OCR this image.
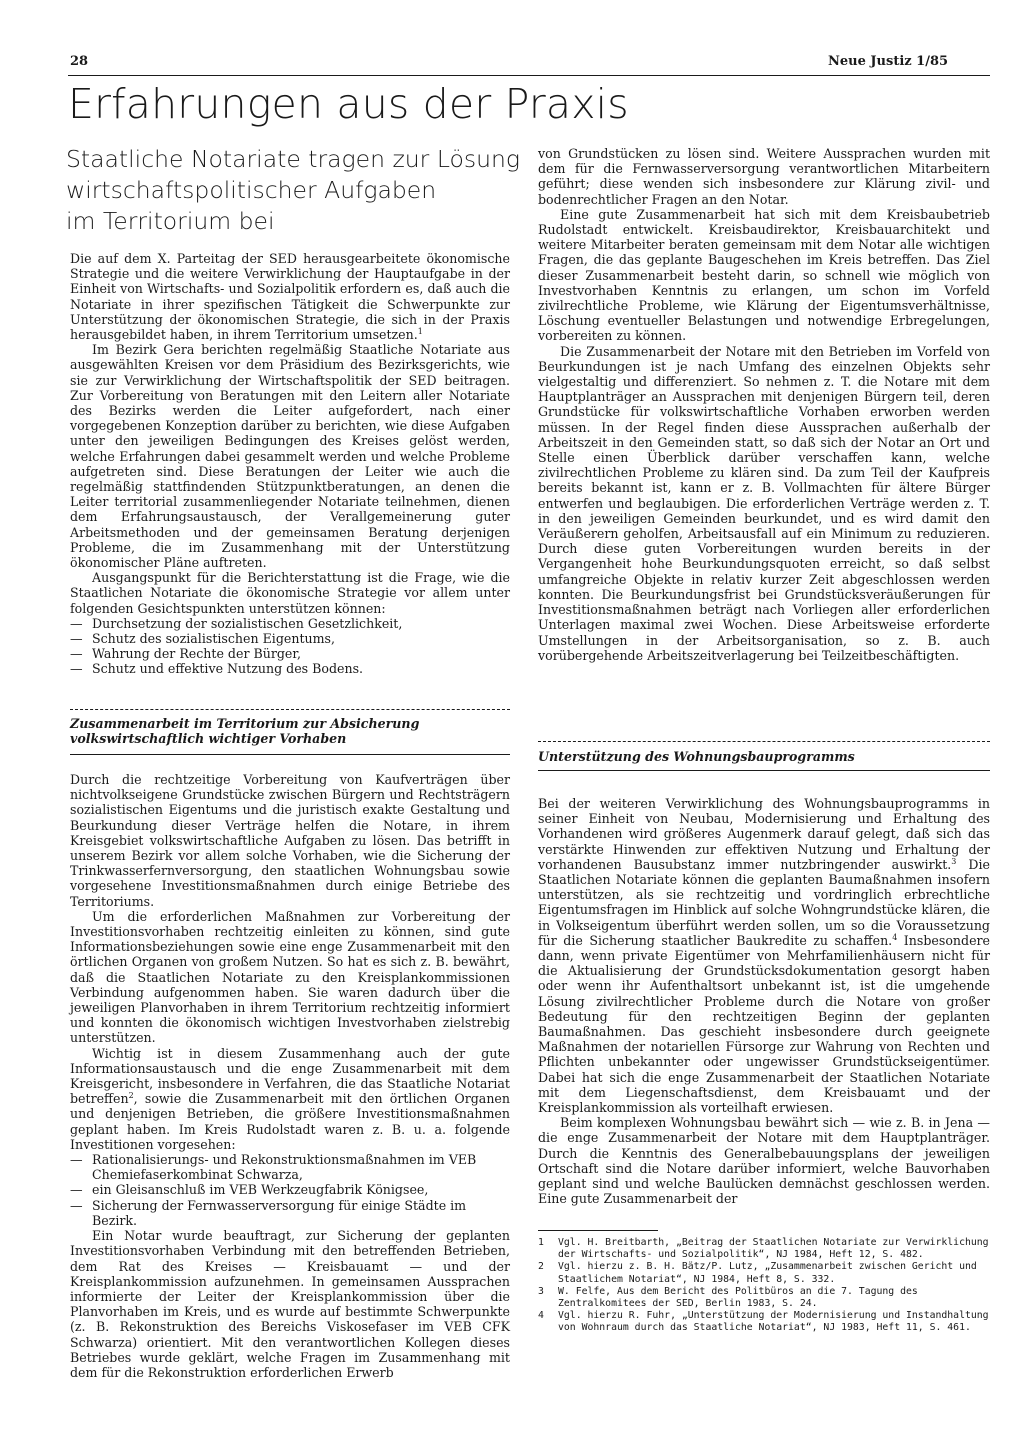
28	Neue Justiz 1/85
Erfahrungen aus der Praxis
Staatliche Notariate tragen zur Lösung
wirtschaftspolitischer Aufgaben
im Territorium bei

Die auf dem X. Parteitag der SED herausgearbeitete ökonomische Strategie und die weitere Verwirklichung der Hauptaufgabe in der Einheit von Wirtschafts- und Sozialpolitik erfordern es, daß auch die Notariate in ihrer spezifischen Tätigkeit die Schwerpunkte zur Unterstützung der ökonomischen Strategie, die sich in der Praxis herausgebildet haben, in ihrem Territorium umsetzen.$^1$

Im Bezirk Gera berichten regelmäßig Staatliche Notariate aus ausgewählten Kreisen vor dem Präsidium des Bezirksgerichts, wie sie zur Verwirklichung der Wirtschaftspolitik der SED beitragen. Zur Vorbereitung von Beratungen mit den Leitern aller Notariate des Bezirks werden die Leiter aufgefordert, nach einer vorgegebenen Konzeption darüber zu berichten, wie diese Aufgaben unter den jeweiligen Bedingungen des Kreises gelöst werden, welche Erfahrungen dabei gesammelt werden und welche Probleme aufgetreten sind. Diese Beratungen der Leiter wie auch die regelmäßig stattfindenden Stützpunktberatungen, an denen die Leiter territorial zusammenliegender Notariate teilnehmen, dienen dem Erfahrungsaustausch, der Verallgemeinerung guter Arbeitsmethoden und der gemeinsamen Beratung derjenigen Probleme, die im Zusammenhang mit der Unterstützung ökonomischer Pläne auftreten.

Ausgangspunkt für die Berichterstattung ist die Frage, wie die Staatlichen Notariate die ökonomische Strategie vor allem unter folgenden Gesichtspunkten unterstützen können:

— Durchsetzung der sozialistischen Gesetzlichkeit,
— Schutz des sozialistischen Eigentums,
— Wahrung der Rechte der Bürger,
— Schutz und effektive Nutzung des Bodens.
Zusammenarbeit im Territorium zur Absicherung volkswirtschaftlich wichtiger Vorhaben

Durch die rechtzeitige Vorbereitung von Kaufverträgen über nichtvolkseigene Grundstücke zwischen Bürgern und Rechtsträgern sozialistischen Eigentums und die juristisch exakte Gestaltung und Beurkundung dieser Verträge helfen die Notare, in ihrem Kreisgebiet volkswirtschaftliche Aufgaben zu lösen. Das betrifft in unserem Bezirk vor allem solche Vorhaben, wie die Sicherung der Trinkwasserfernversorgung, den staatlichen Wohnungsbau sowie vorgesehene Investitionsmaßnahmen durch einige Betriebe des Territoriums.

Um die erforderlichen Maßnahmen zur Vorbereitung der Investitionsvorhaben rechtzeitig einleiten zu können, sind gute Informationsbeziehungen sowie eine enge Zusammenarbeit mit den örtlichen Organen von großem Nutzen. So hat es sich z. B. bewährt, daß die Staatlichen Notariate zu den Kreisplankommissionen Verbindung aufgenommen haben. Sie waren dadurch über die jeweiligen Planvorhaben in ihrem Territorium rechtzeitig informiert und konnten die ökonomisch wichtigen Investvorhaben zielstrebig unterstützen.

Wichtig ist in diesem Zusammenhang auch der gute Informationsaustausch und die enge Zusammenarbeit mit dem Kreisgericht, insbesondere in Verfahren, die das Staatliche Notariat betreffen$^2$, sowie die Zusammenarbeit mit den örtlichen Organen und denjenigen Betrieben, die größere Investitionsmaßnahmen geplant haben. Im Kreis Rudolstadt waren z. B. u. a. folgende Investitionen vorgesehen:

— Rationalisierungs- und Rekonstruktionsmaßnahmen im VEB Chemiefaserkombinat Schwarza,
— ein Gleisanschluß im VEB Werkzeugfabrik Königsee,
— Sicherung der Fernwasserversorgung für einige Städte im Bezirk.

Ein Notar wurde beauftragt, zur Sicherung der geplanten Investitionsvorhaben Verbindung mit den betreffenden Betrieben, dem Rat des Kreises — Kreisbauamt — und der Kreisplankommission aufzunehmen. In gemeinsamen Aussprachen informierte der Leiter der Kreisplankommission über die Planvorhaben im Kreis, und es wurde auf bestimmte Schwerpunkte (z. B. Rekonstruktion des Bereichs Viskosefaser im VEB CFK Schwarza) orientiert. Mit den verantwortlichen Kollegen dieses Betriebes wurde geklärt, welche Fragen im Zusammenhang mit dem für die Rekonstruktion erforderlichen Erwerb

von Grundstücken zu lösen sind. Weitere Aussprachen wurden mit dem für die Fernwasserversorgung verantwortlichen Mitarbeitern geführt; diese wenden sich insbesondere zur Klärung zivil- und bodenrechtlicher Fragen an den Notar.

Eine gute Zusammenarbeit hat sich mit dem Kreisbaubetrieb Rudolstadt entwickelt. Kreisbaudirektor, Kreisbauarchitekt und weitere Mitarbeiter beraten gemeinsam mit dem Notar alle wichtigen Fragen, die das geplante Baugeschehen im Kreis betreffen. Das Ziel dieser Zusammenarbeit besteht darin, so schnell wie möglich von Investvorhaben Kenntnis zu erlangen, um schon im Vorfeld zivilrechtliche Probleme, wie Klärung der Eigentumsverhältnisse, Löschung eventueller Belastungen und notwendige Erbregelungen, vorbereiten zu können.

Die Zusammenarbeit der Notare mit den Betrieben im Vorfeld von Beurkundungen ist je nach Umfang des einzelnen Objekts sehr vielgestaltig und differenziert. So nehmen z. T. die Notare mit dem Hauptplanträger an Aussprachen mit denjenigen Bürgern teil, deren Grundstücke für volkswirtschaftliche Vorhaben erworben werden müssen. In der Regel finden diese Aussprachen außerhalb der Arbeitszeit in den Gemeinden statt, so daß sich der Notar an Ort und Stelle einen Überblick darüber verschaffen kann, welche zivilrechtlichen Probleme zu klären sind. Da zum Teil der Kaufpreis bereits bekannt ist, kann er z. B. Vollmachten für ältere Bürger entwerfen und beglaubigen. Die erforderlichen Verträge werden z. T. in den jeweiligen Gemeinden beurkundet, und es wird damit den Veräußerern geholfen, Arbeitsausfall auf ein Minimum zu reduzieren. Durch diese guten Vorbereitungen wurden bereits in der Vergangenheit hohe Beurkundungsquoten erreicht, so daß selbst umfangreiche Objekte in relativ kurzer Zeit abgeschlossen werden konnten. Die Beurkundungsfrist bei Grundstücksveräußerungen für Investitionsmaßnahmen beträgt nach Vorliegen aller erforderlichen Unterlagen maximal zwei Wochen. Diese Arbeitsweise erforderte Umstellungen in der Arbeitsorganisation, so z. B. auch vorübergehende Arbeitszeitverlagerung bei Teilzeitbeschäftigten.

Unterstützung des Wohnungsbauprogramms

Bei der weiteren Verwirklichung des Wohnungsbauprogramms in seiner Einheit von Neubau, Modernisierung und Erhaltung des Vorhandenen wird größeres Augenmerk darauf gelegt, daß sich das verstärkte Hinwenden zur effektiven Nutzung und Erhaltung der vorhandenen Bausubstanz immer nutzbringender auswirkt.$^3$ Die Staatlichen Notariate können die geplanten Baumaßnahmen insofern unterstützen, als sie rechtzeitig und vordringlich erbrechtliche Eigentumsfragen im Hinblick auf solche Wohngrundstücke klären, die in Volkseigentum überführt werden sollen, um so die Voraussetzung für die Sicherung staatlicher Baukredite zu schaffen.$^4$ Insbesondere dann, wenn private Eigentümer von Mehrfamilienhäusern nicht für die Aktualisierung der Grundstücksdokumentation gesorgt haben oder wenn ihr Aufenthaltsort unbekannt ist, ist die umgehende Lösung zivilrechtlicher Probleme durch die Notare von großer Bedeutung für den rechtzeitigen Beginn der geplanten Baumaßnahmen. Das geschieht insbesondere durch geeignete Maßnahmen der notariellen Fürsorge zur Wahrung von Rechten und Pflichten unbekannter oder ungewisser Grundstückseigentümer. Dabei hat sich die enge Zusammenarbeit der Staatlichen Notariate mit dem Liegenschaftsdienst, dem Kreisbauamt und der Kreisplankommission als vorteilhaft erwiesen.

Beim komplexen Wohnungsbau bewährt sich — wie z. B. in Jena — die enge Zusammenarbeit der Notare mit dem Hauptplanträger. Durch die Kenntnis des Generalbebauungsplans der jeweiligen Ortschaft sind die Notare darüber informiert, welche Bauvorhaben geplant sind und welche Baulücken demnächst geschlossen werden. Eine gute Zusammenarbeit der

1	Vgl. H. Breitbarth, „Beitrag der Staatlichen Notariate zur Verwirklichung der Wirtschafts- und Sozialpolitik“, NJ 1984, Heft 12, S. 482.
2	Vgl. hierzu z. B. H. Bätz/P. Lutz, „Zusammenarbeit zwischen Gericht und Staatlichem Notariat“, NJ 1984, Heft 8, S. 332.
3	W. Felfe, Aus dem Bericht des Politbüros an die 7. Tagung des Zentralkomitees der SED, Berlin 1983, S. 24.
4	Vgl. hierzu R. Fuhr, „Unterstützung der Modernisierung und Instandhaltung von Wohnraum durch das Staatliche Notariat“, NJ 1983, Heft 11, S. 461.
